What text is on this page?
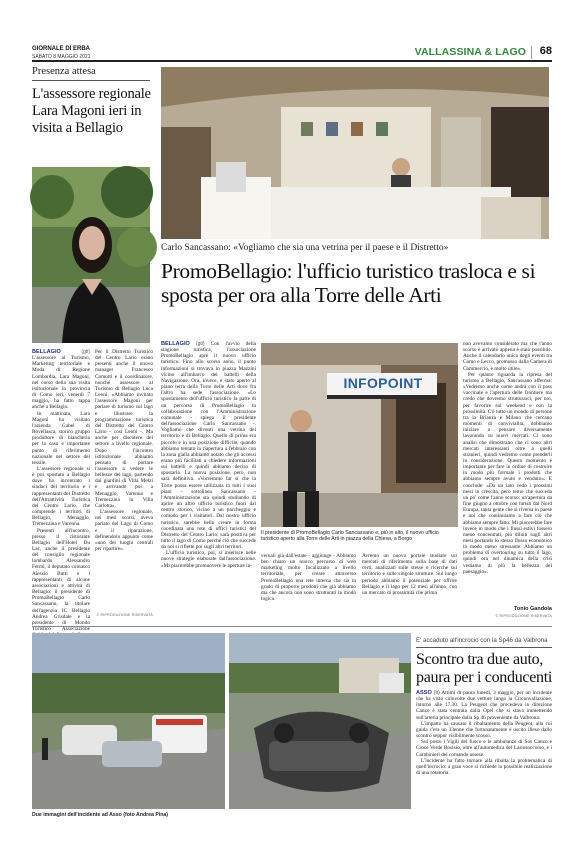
GIORNALE DI ERBA
SABATO 8 MAGGIO 2021	VALLASSINA & LAGO 68
Presenza attesa
L'assessore regionale Lara Magoni ieri in visita a Bellagio

BELLAGIO	(gti) L'assessore al Turismo, Marketing territoriale e Moda di Regione Lombardia, Lara Magoni, nel corso della sua visita istituzionale in provincia di Como ieri, venerdì 7 maggio, ha fatto tappa anche a Bellagio.

In mattinata, Lara Magoni ha visitato l'azienda Gabel di Rovellasca, storico gruppo produttore di biancheria per la casa e importante punto di riferimento nazionale nel settore del tessile.

L'assessore regionale si è poi spostata a Bellagio dove ha incontrato i sindaci del territorio e i rappresentanti del Distretto dell'Attrattività Turistica del Centro Lario, che comprende i territori di Bellagio, Menaggio, Tremezzina e Varenna.

Presenti all'incontro, presso il ristorante Bellagio dell'Hotel Du Lac, anche il presidente del consiglio regionale lombardo Alessandro Fermi, il deputato comasco Alessio Butti e i rappresentanti di alcune associazioni e attività di Bellagio: il presidente di PromoBellagio Carlo Sancassano, la titolare dell'agenzia IC Bellagio Andrea Grisdale e la presidente di Mondo Turistico Associazione

Per il Distretto Turistico del Centro Lario erano presenti anche il nuovo manager Francesco Comotti e il coordinatore, nonché assessore al Turismo di Bellagio Luca Leoni. «Abbiamo invitato l'assessore Magoni per parlare di turismo sul lago e illustrare la programmazione turistica del Distretto del Centro Lario - cosi Leoni -. Ma anche per discutere del settore a livello regionale. Dopo l'incontro istituzionale abbiamo pensato di portare l'assessore a vedere le bellezze del lago, partendo dai giardini di Villa Melzi e arrivando poi a Menaggio, Varenna e Tremezzina in Villa Carlotta».

L'assessore regionale, nei mesi scorsi, aveva parlato del Lago di Como e il riparazione, definendolo appunto come «uno dei luoghi centrali per ripartire».

© RIPRODUZIONE RISERVATA
Carlo Sancassano: «Vogliamo che sia una vetrina per il paese e il Distretto»
PromoBellagio: l'ufficio turistico trasloca e si sposta per ora alla Torre delle Arti

BELLAGIO (gti) Con l'avvio della stagione turistica, l'associazione PromoBellagio apre il nuovo ufficio turistico. Fino allo scorso anno, il punto informazioni si trovava in piazza Mazzini vicino all'imbarco dei battelli della Navigazione. Ora, invece, è stato aperto al piano terra della Torre delle Arti dove fra l'altro ha sede l'associazione. «Lo spostamento dell'ufficio turistico fa parte di un percorso di PromoBellagio in collaborazione con l'Amministrazione comunale - spiega il presidente dell'associazione Carlo Sancassano -. Vogliamo che diventi una vetrina del territorio e di Bellagio. Quello di prima era piccolo e in una posizione difficile, quando abbiamo tentato la riapertura a febbraio con la zona gialla abbiamo notato che gli accessi erano più facilitati a chiedere informazioni sul battelli e quindi abbiamo deciso di spostarlo. La nuova posizione, però, non sarà definitiva. «Vorremmo far sì che la Torre possa essere utilizzata in tutti i suoi piani - sottolinea Sancassano - l'Amministrazione sta quindi studiando di aprire un altro ufficio turistico fuori dal centro storico, vicino a un parcheggio e comodo per i visitatori. Dal nostro ufficio turistico, sarebbe bello creare in forma coordinata una rete di uffici turistici del Distretto del Centro Lario; sarà positiva per tutto il lago di Como perché ciò che succede da noi si riflette poi sugli altri territori.

L'ufficio turistico, poi, si inserisce nelle nuove strategie elaborate dall'associazione. «Mi piacerebbe promuovere le aperture in-

INFOPOINT
Il presidente di PromoBellagio Carlo Sancassano e, più in alto, il nuovo ufficio turistico aperto alla Torre delle Arti in piazza della Chiesa, a Borgo

vernali già dall'estate - aggiunge - Abbiamo ben chiaro un nuovo percorso di web marketing molto focalizzato a livello territoriale, per creare attraverso PromoBellagio una rete interna che sia in grado di proporre prodotti che già abbiamo ma che ancora non sono strutturati in modo logico.

Avremo un nuovo portale studiato sui mercati di riferimento sulla base di dati certi, analizzati sulle stesse e ricerche sul territorio e sulle singole strutture. Sul lungo periodo abbiamo il potenziale per offrire Bellagio e il lago per 12 mesi all'anno, con un mercato di prossimità che prima

non avevamo considerato ma che l'anno scorso è arrivato appena è stato possibile. Anche il calendario unico degli eventi tra Como e Lecco, promosso dalla Camera di Commercio, è molto utile».

Per quanto riguarda la ripresa del turismo a Bellagio, Sancassano afferma: «Vedremo anche come andrà con il pass vaccinale e l'apertura delle frontiere ma credo che dovremo strutturarci, per noi, per favorire sul weekend e con la prossimità. C'è tutto un mondo di persone tra la Brianza e Milano che cercano momenti di convivialità, dobbiamo iniziare a pensare diversamente lavorando su nuovi mercati. Ci sono analisi che dimostrano che ci sono altri mercati interessanti oltre a quelli stranieri, quindi vedremo come prenderli in considerazione. Questo momento è importante per fare in ordine di costruire in modo più formale i prodotti che abbiamo sempre avuto e venduto». E conclude: «Da un lato vedo i prossimi mesi in crescita, però temo che succeda un po' come l'anno scorso: un'apertura da fine giugno a ottobre con turisti dal Nord Europa, tanta gente che si riversa in paese e noi che continuiamo a fare ciò che abbiamo sempre fatto. Mi piacerebbe fare invece in modo che i flussi estivi fossero meno concentrati, più diluiti sugli altri mesi portando lo stesso flusso economico in modo meno stressante. Abbiamo un problema di overtouring su tutto il lago, quindi ora nel dinamica della crisi vediamo di più la bellezza del paesaggio».

Tonio Gandola
© RIPRODUZIONE RISERVATA
Due immagini dell'incidente ad Asso (foto Andrea Pina)
E' accaduto all'incrocio con la Sp46 da Valbrona
Scontro tra due auto, paura per i conducenti

ASSO (tt) Attimi di paura lunedì, 3 maggio, per un incidente che ha visto coinvolte due vetture lungo la Circonvallazione, intorno alle 17.30. La Peugeot che procedeva in direzione Canzo è stata centrata dalla Opel che si stava immettendo sull'arteria principale dalla Sp 46 proveniente da Valbrona.

L'impatto ha causato il ribaltamento della Peugeot, alla cui guida c'era un 33enne che fortunatamente è uscito illeso dallo scontro seppur visibilmente scosso.

Sul posto i Vigili del fuoco e le ambulanze di Sos Canzo e Croce Verde Bosisio, oltre all'automedica del Lariosoccorso, e i Carabinieri del comando assese.

L'incidente ha fatto tornare alla ribalta la problematica di quell'incrocio: a gran voce si richiede la possibile realizzazione di una rotatoria.
